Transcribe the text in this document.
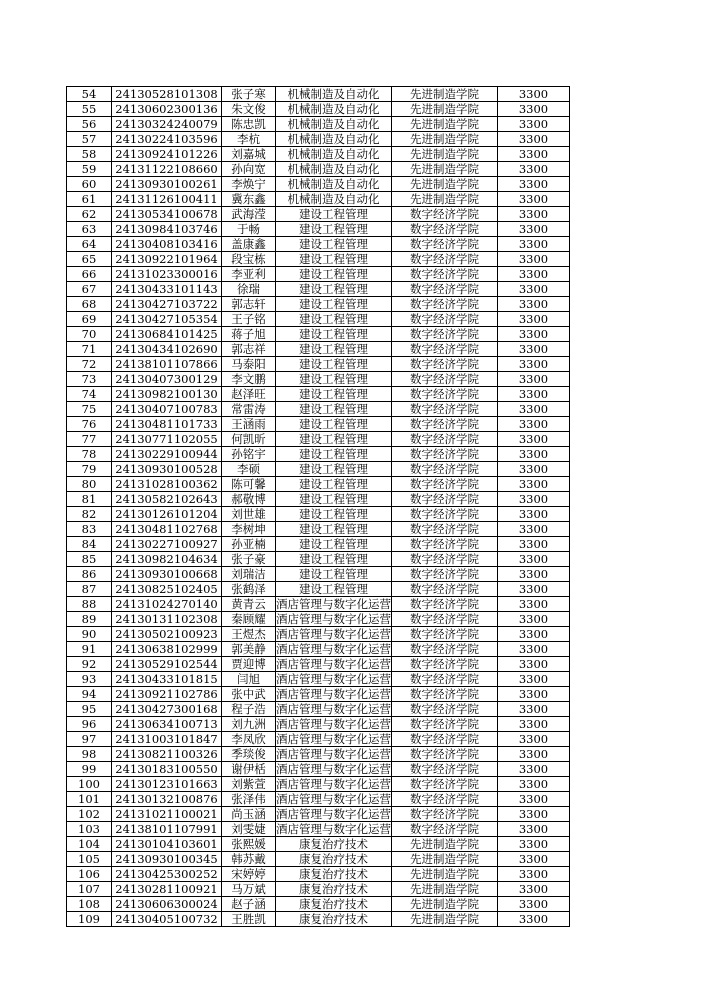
54	24130528101308	张子寒	机械制造及自动化	先进制造学院	3300
55	24130602300136	朱文俊	机械制造及自动化	先进制造学院	3300
56	24130324240079	陈忠凯	机械制造及自动化	先进制造学院	3300
57	24130224103596	李杭	机械制造及自动化	先进制造学院	3300
58	24130924101226	刘嘉城	机械制造及自动化	先进制造学院	3300
59	24131122108660	孙向宽	机械制造及自动化	先进制造学院	3300
60	24130930100261	李焕宁	机械制造及自动化	先进制造学院	3300
61	24131126100411	冀东鑫	机械制造及自动化	先进制造学院	3300
62	24130534100678	武海滢	建设工程管理	数字经济学院	3300
63	24130984103746	于畅	建设工程管理	数字经济学院	3300
64	24130408103416	盖康鑫	建设工程管理	数字经济学院	3300
65	24130922101964	段宝栋	建设工程管理	数字经济学院	3300
66	24131023300016	李亚利	建设工程管理	数字经济学院	3300
67	24130433101143	徐瑞	建设工程管理	数字经济学院	3300
68	24130427103722	郭志轩	建设工程管理	数字经济学院	3300
69	24130427105354	王子铭	建设工程管理	数字经济学院	3300
70	24130684101425	蒋子旭	建设工程管理	数字经济学院	3300
71	24130434102690	郭志祥	建设工程管理	数字经济学院	3300
72	24138101107866	马泰阳	建设工程管理	数字经济学院	3300
73	24130407300129	李文鹏	建设工程管理	数字经济学院	3300
74	24130982100130	赵泽旺	建设工程管理	数字经济学院	3300
75	24130407100783	常雷涛	建设工程管理	数字经济学院	3300
76	24130481101733	王涵雨	建设工程管理	数字经济学院	3300
77	24130771102055	何凯昕	建设工程管理	数字经济学院	3300
78	24130229100944	孙铭宇	建设工程管理	数字经济学院	3300
79	24130930100528	李硕	建设工程管理	数字经济学院	3300
80	24131028100362	陈可馨	建设工程管理	数字经济学院	3300
81	24130582102643	郝敬博	建设工程管理	数字经济学院	3300
82	24130126101204	刘世雄	建设工程管理	数字经济学院	3300
83	24130481102768	李树坤	建设工程管理	数字经济学院	3300
84	24130227100927	孙亚楠	建设工程管理	数字经济学院	3300
85	24130982104634	张子豪	建设工程管理	数字经济学院	3300
86	24130930100668	刘瑞洁	建设工程管理	数字经济学院	3300
87	24130825102405	张鹤泽	建设工程管理	数字经济学院	3300
88	24131024270140	黄青云	酒店管理与数字化运营	数字经济学院	3300
89	24130131102308	秦顾耀	酒店管理与数字化运营	数字经济学院	3300
90	24130502100923	王煜杰	酒店管理与数字化运营	数字经济学院	3300
91	24130638102999	郭美静	酒店管理与数字化运营	数字经济学院	3300
92	24130529102544	贾迎博	酒店管理与数字化运营	数字经济学院	3300
93	24130433101815	闫旭	酒店管理与数字化运营	数字经济学院	3300
94	24130921102786	张中武	酒店管理与数字化运营	数字经济学院	3300
95	24130427300168	程子浩	酒店管理与数字化运营	数字经济学院	3300
96	24130634100713	刘九洲	酒店管理与数字化运营	数字经济学院	3300
97	24131003101847	李凤欣	酒店管理与数字化运营	数字经济学院	3300
98	24130821100326	季琰俊	酒店管理与数字化运营	数字经济学院	3300
99	24130183100550	谢伊栝	酒店管理与数字化运营	数字经济学院	3300
100	24130123101663	刘紫萱	酒店管理与数字化运营	数字经济学院	3300
101	24130132100876	张泽伟	酒店管理与数字化运营	数字经济学院	3300
102	24131021100021	尚玉涵	酒店管理与数字化运营	数字经济学院	3300
103	24138101107991	刘雯婕	酒店管理与数字化运营	数字经济学院	3300
104	24130104103601	张熙媛	康复治疗技术	先进制造学院	3300
105	24130930100345	韩苏戴	康复治疗技术	先进制造学院	3300
106	24130425300252	宋婷婷	康复治疗技术	先进制造学院	3300
107	24130281100921	马万斌	康复治疗技术	先进制造学院	3300
108	24130606300024	赵子涵	康复治疗技术	先进制造学院	3300
109	24130405100732	王胜凯	康复治疗技术	先进制造学院	3300
